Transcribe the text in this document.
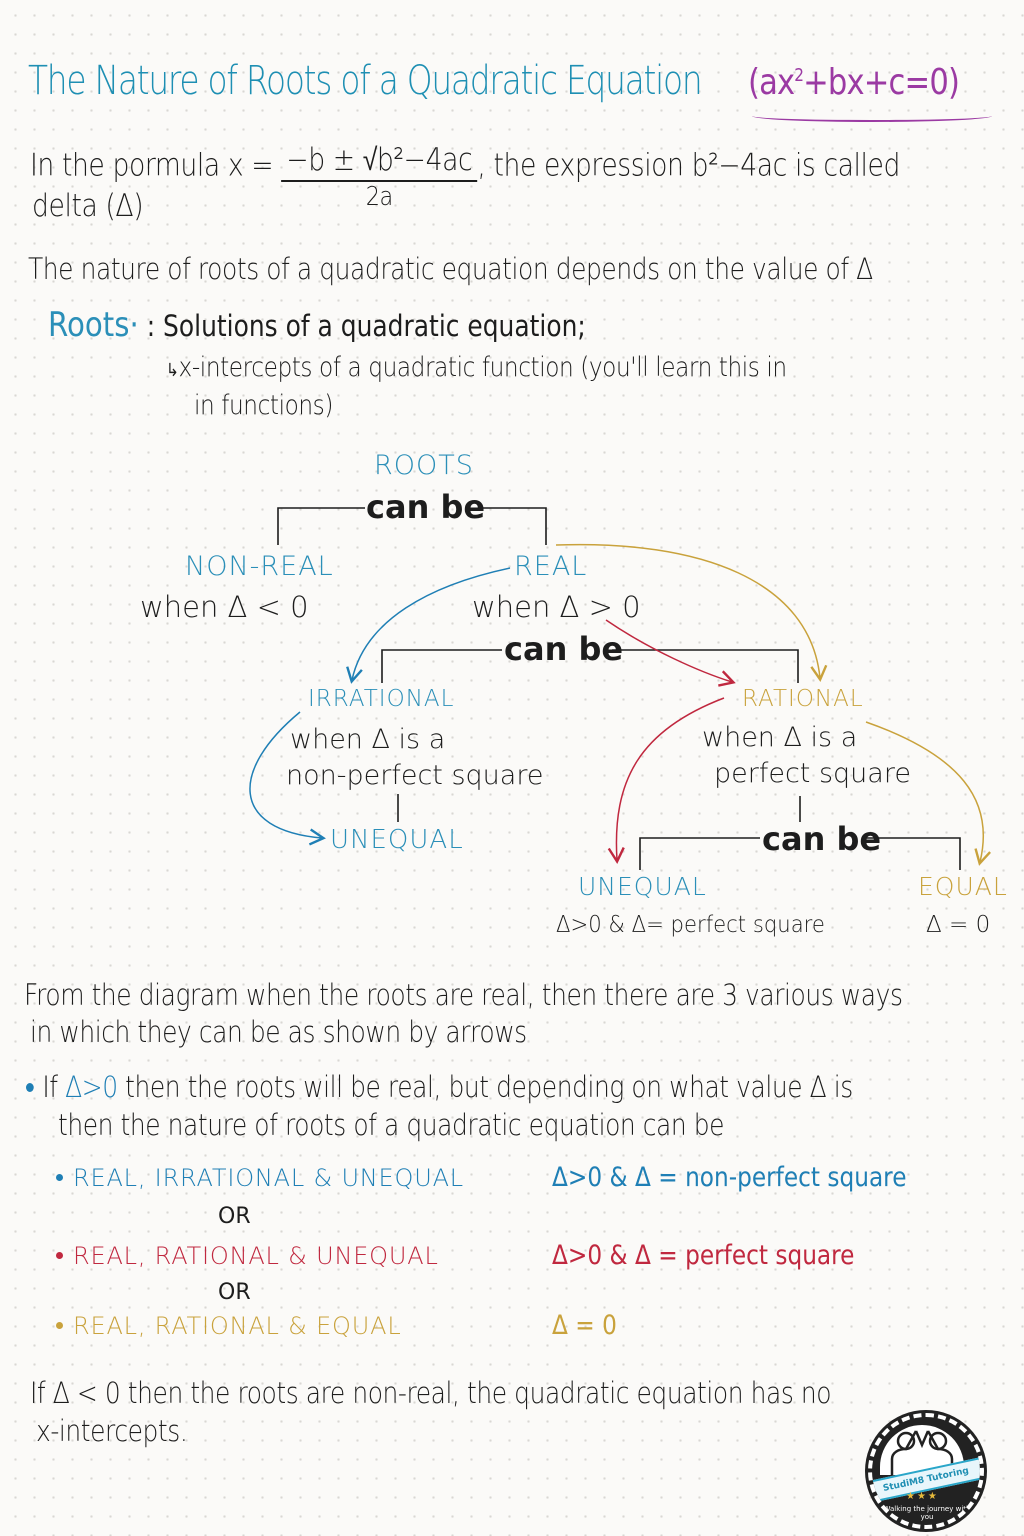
The Nature of Roots of a Quadratic Equation $(ax^2+bx+c=0)$
In the pormula $x = \frac{\text{−b ± √b²−4ac}}{2a}$ , the expression b²−4ac is called
delta (Δ)
The nature of roots of a quadratic equation depends on the value of Δ
Roots· : Solutions of a quadratic equation;
↳x-intercepts of a quadratic function (you'll learn this in
in functions)
ROOTS
can be
NON-REAL
when Δ < 0
REAL
when Δ > 0
can be
IRRATIONAL
when Δ is a
non-perfect square
UNEQUAL
RATIONAL
when Δ is a
perfect square
can be
UNEQUAL
Δ>0 & Δ= perfect square
EQUAL
Δ = 0
From the diagram when the roots are real, then there are 3 various ways
in which they can be as shown by arrows
If Δ>0 then the roots will be real, but depending on what value Δ is
then the nature of roots of a quadratic equation can be
REAL, IRRATIONAL & UNEQUAL	Δ>0 & Δ = non-perfect square
OR
REAL, RATIONAL & UNEQUAL	Δ>0 & Δ = perfect square
OR
REAL, RATIONAL & EQUAL	Δ = 0
If Δ < 0 then the roots are non-real, the quadratic equation has no
x-intercepts.
StudiM8 Tutoring
★★★
Walking the journey with you
